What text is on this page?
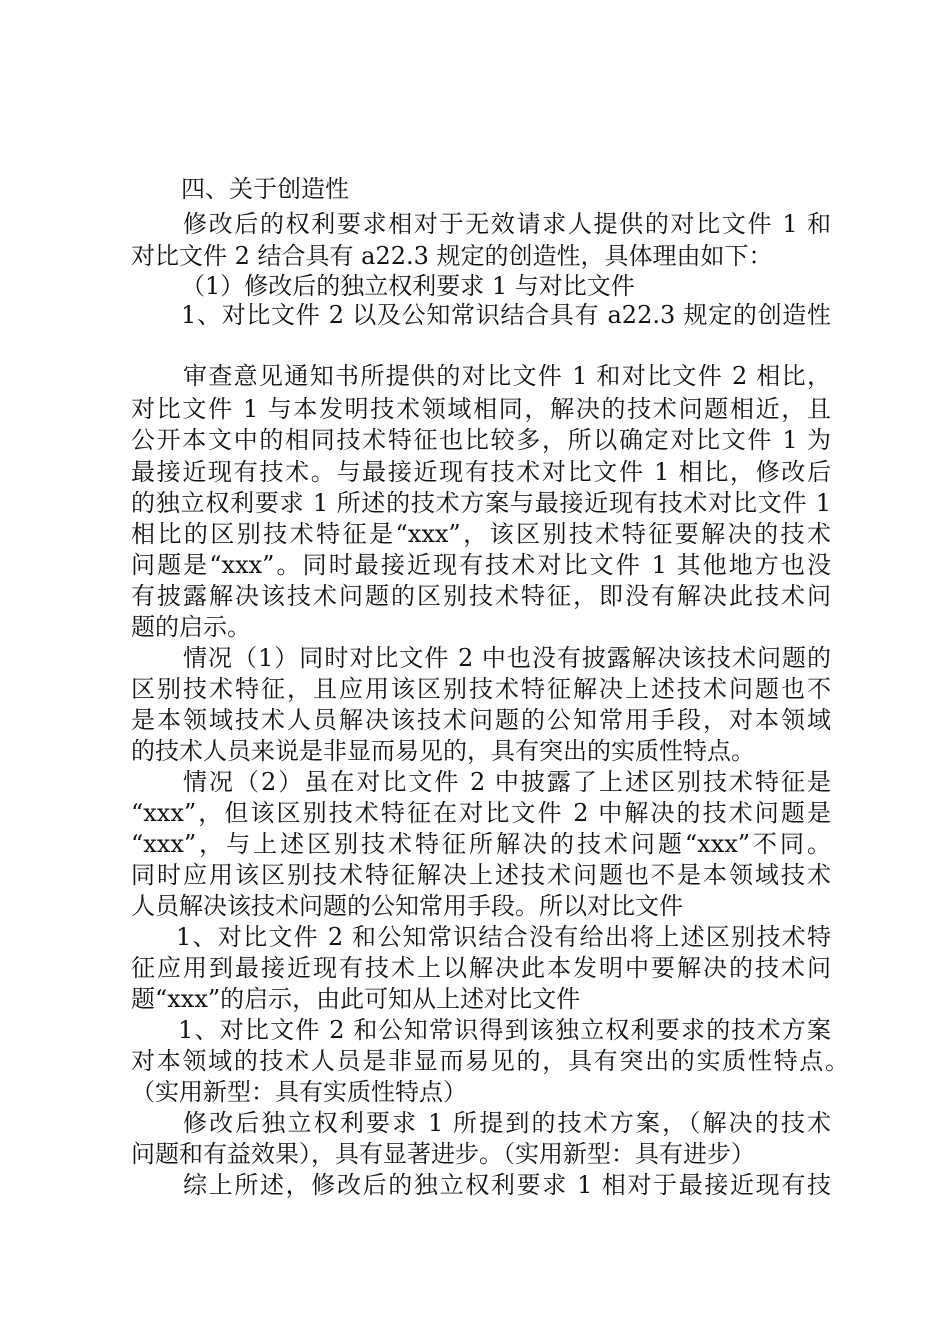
四、关于创造性
修改后的权利要求相对于无效请求人提供的对比文件 1 和
对比文件 2 结合具有 a22.3 规定的创造性，具体理由如下：
（1）修改后的独立权利要求 1 与对比文件
1、对比文件 2 以及公知常识结合具有 a22.3 规定的创造性
审查意见通知书所提供的对比文件 1 和对比文件 2 相比，
对比文件 1 与本发明技术领域相同，解决的技术问题相近，且
公开本文中的相同技术特征也比较多，所以确定对比文件 1 为
最接近现有技术。与最接近现有技术对比文件 1 相比，修改后
的独立权利要求 1 所述的技术方案与最接近现有技术对比文件 1
相比的区别技术特征是“xxx”，该区别技术特征要解决的技术
问题是“xxx”。同时最接近现有技术对比文件 1 其他地方也没
有披露解决该技术问题的区别技术特征，即没有解决此技术问
题的启示。
情况（1）同时对比文件 2 中也没有披露解决该技术问题的
区别技术特征，且应用该区别技术特征解决上述技术问题也不
是本领域技术人员解决该技术问题的公知常用手段，对本领域
的技术人员来说是非显而易见的，具有突出的实质性特点。
情况（2）虽在对比文件 2 中披露了上述区别技术特征是
“xxx”，但该区别技术特征在对比文件 2 中解决的技术问题是
“xxx”，与上述区别技术特征所解决的技术问题“xxx”不同。
同时应用该区别技术特征解决上述技术问题也不是本领域技术
人员解决该技术问题的公知常用手段。所以对比文件
1、对比文件 2 和公知常识结合没有给出将上述区别技术特
征应用到最接近现有技术上以解决此本发明中要解决的技术问
题“xxx”的启示，由此可知从上述对比文件
1、对比文件 2 和公知常识得到该独立权利要求的技术方案
对本领域的技术人员是非显而易见的，具有突出的实质性特点。
（实用新型：具有实质性特点）
修改后独立权利要求 1 所提到的技术方案，（解决的技术
问题和有益效果），具有显著进步。（实用新型：具有进步）
综上所述，修改后的独立权利要求 1 相对于最接近现有技
